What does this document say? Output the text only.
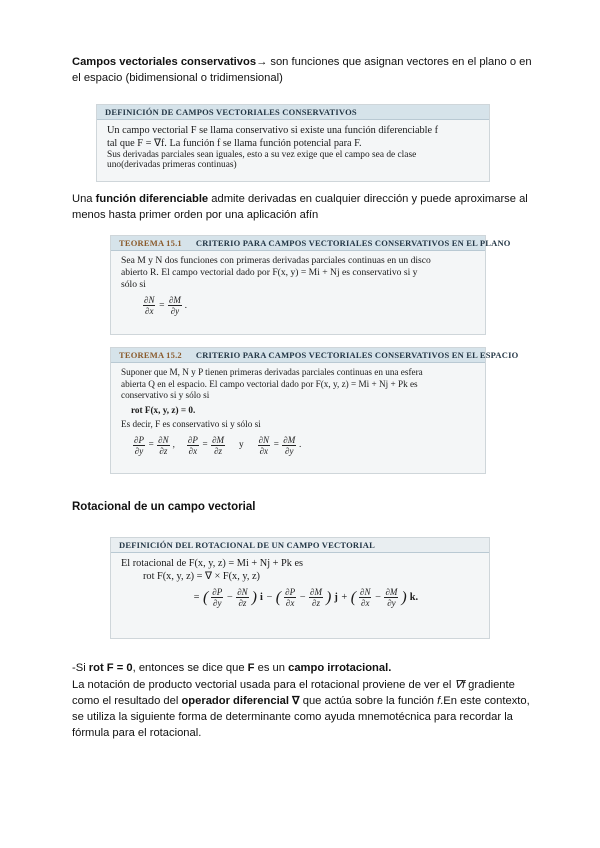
Campos vectoriales conservativos→ son funciones que asignan vectores en el plano o en el espacio (bidimensional o tridimensional)
DEFINICIÓN DE CAMPOS VECTORIALES CONSERVATIVOS
Un campo vectorial F se llama conservativo si existe una función diferenciable f
tal que F = ∇f. La función f se llama función potencial para F.
Sus derivadas parciales sean iguales, esto a su vez exige que el campo sea de clase
uno(derivadas primeras continuas)
Una función diferenciable admite derivadas en cualquier dirección y puede aproximarse al menos hasta primer orden por una aplicación afín
TEOREMA 15.1 CRITERIO PARA CAMPOS VECTORIALES CONSERVATIVOS EN EL PLANO
Sea M y N dos funciones con primeras derivadas parciales continuas en un disco
abierto R. El campo vectorial dado por F(x, y) = Mi + Nj es conservativo si y
sólo si
$\frac{\partial N}{\partial x} = \frac{\partial M}{\partial y}$ .
TEOREMA 15.2 CRITERIO PARA CAMPOS VECTORIALES CONSERVATIVOS EN EL ESPACIO
Suponer que M, N y P tienen primeras derivadas parciales continuas en una esfera
abierta Q en el espacio. El campo vectorial dado por F(x, y, z) = Mi + Nj + Pk es
conservativo si y sólo si
rot F(x, y, z) = 0.
Es decir, F es conservativo si y sólo si
$\frac{\partial P}{\partial y} = \frac{\partial N}{\partial z}$ , $\frac{\partial P}{\partial x} = \frac{\partial M}{\partial z}$ y $\frac{\partial N}{\partial x} = \frac{\partial M}{\partial y}$ .
Rotacional de un campo vectorial
DEFINICIÓN DEL ROTACIONAL DE UN CAMPO VECTORIAL
El rotacional de F(x, y, z) = Mi + Nj + Pk es
rot F(x, y, z) = ∇ × F(x, y, z)
= ( $\frac{\partial P}{\partial y} - \frac{\partial N}{\partial z}$ ) i − ( $\frac{\partial P}{\partial x} - \frac{\partial M}{\partial z}$ ) j + ( $\frac{\partial N}{\partial x} - \frac{\partial M}{\partial y}$ ) k.
-Si rot F = 0, entonces se dice que F es un campo irrotacional.
La notación de producto vectorial usada para el rotacional proviene de ver el ∇f gradiente como el resultado del operador diferencial ∇ que actúa sobre la función f.En este contexto, se utiliza la siguiente forma de determinante como ayuda mnemotécnica para recordar la fórmula para el rotacional.
